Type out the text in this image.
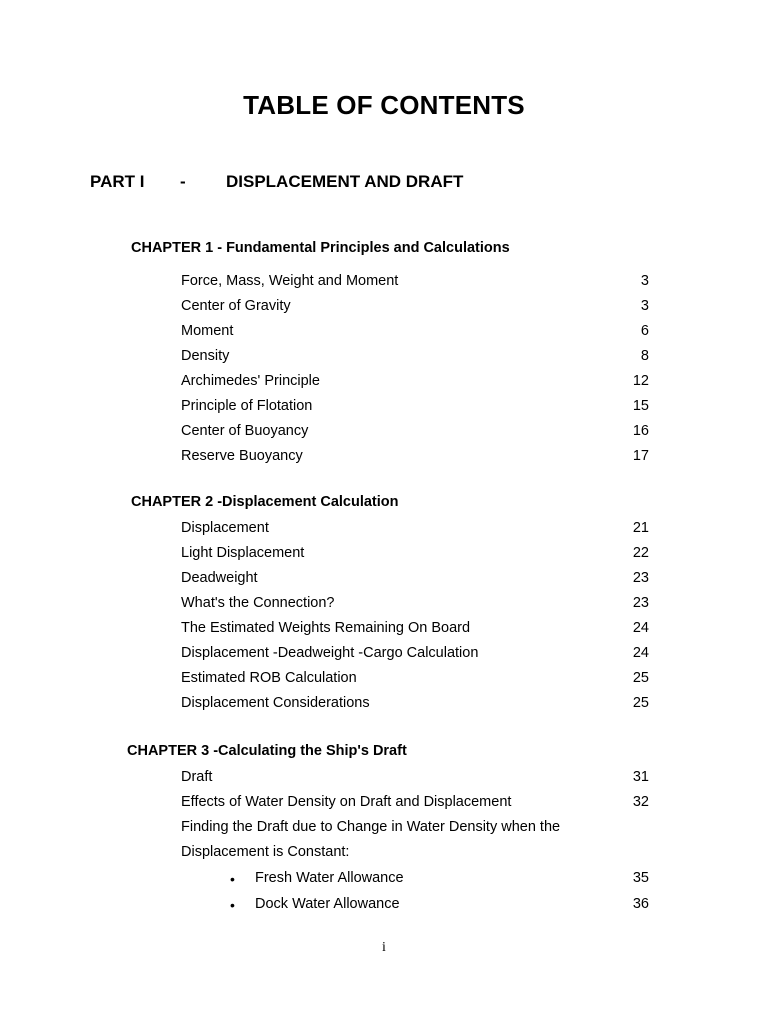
TABLE OF CONTENTS
PART I - DISPLACEMENT AND DRAFT
CHAPTER 1 - Fundamental Principles and Calculations
Force, Mass, Weight and Moment	3
Center of Gravity	3
Moment	6
Density	8
Archimedes' Principle	12
Principle of Flotation	15
Center of Buoyancy	16
Reserve Buoyancy	17
CHAPTER 2 -Displacement Calculation
Displacement	21
Light Displacement	22
Deadweight	23
What's the Connection?	23
The Estimated Weights Remaining On Board	24
Displacement -Deadweight -Cargo Calculation	24
Estimated ROB Calculation	25
Displacement Considerations	25
CHAPTER 3 -Calculating the Ship's Draft
Draft	31
Effects of Water Density on Draft and Displacement	32
Finding the Draft due to Change in Water Density when the
Displacement is Constant:
• Fresh Water Allowance	35
• Dock Water Allowance	36
i
